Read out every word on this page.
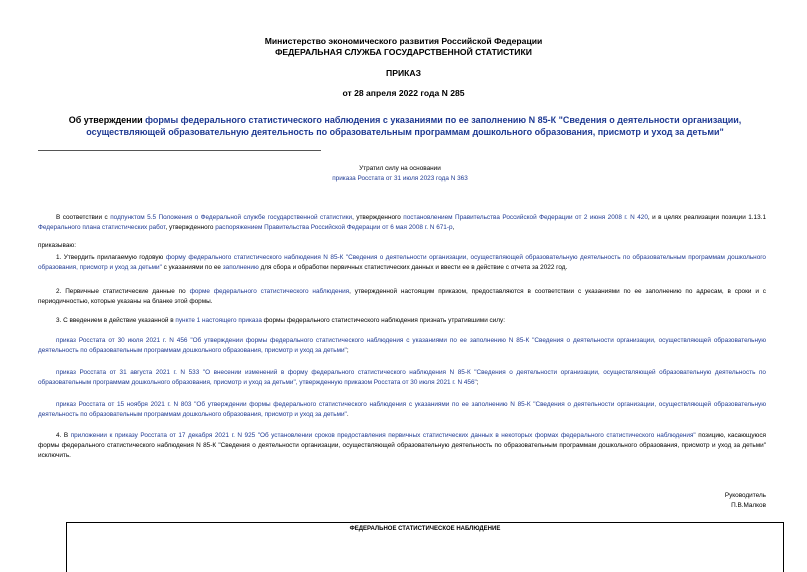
Министерство экономического развития Российской Федерации
ФЕДЕРАЛЬНАЯ СЛУЖБА ГОСУДАРСТВЕННОЙ СТАТИСТИКИ
ПРИКАЗ
от 28 апреля 2022 года N 285
Об утверждении формы федерального статистического наблюдения с указаниями по ее заполнению N 85-К "Сведения о деятельности организации, осуществляющей образовательную деятельность по образовательным программам дошкольного образования, присмотр и уход за детьми"
Утратил силу на основании
приказа Росстата от 31 июля 2023 года N 363
В соответствии с подпунктом 5.5 Положения о Федеральной службе государственной статистики, утвержденного постановлением Правительства Российской Федерации от 2 июня 2008 г. N 420, и в целях реализации позиции 1.13.1 Федерального плана статистических работ, утвержденного распоряжением Правительства Российской Федерации от 6 мая 2008 г. N 671-р,
приказываю:
1. Утвердить прилагаемую годовую форму федерального статистического наблюдения N 85-К "Сведения о деятельности организации, осуществляющей образовательную деятельность по образовательным программам дошкольного образования, присмотр и уход за детьми" с указаниями по ее заполнению для сбора и обработки первичных статистических данных и ввести ее в действие с отчета за 2022 год.
2. Первичные статистические данные по форме федерального статистического наблюдения, утвержденной настоящим приказом, предоставляются в соответствии с указаниями по ее заполнению по адресам, в сроки и с периодичностью, которые указаны на бланке этой формы.
3. С введением в действие указанной в пункте 1 настоящего приказа формы федерального статистического наблюдения признать утратившими силу:
приказ Росстата от 30 июля 2021 г. N 456 "Об утверждении формы федерального статистического наблюдения с указаниями по ее заполнению N 85-К "Сведения о деятельности организации, осуществляющей образовательную деятельность по образовательным программам дошкольного образования, присмотр и уход за детьми";
приказ Росстата от 31 августа 2021 г. N 533 "О внесении изменений в форму федерального статистического наблюдения N 85-К "Сведения о деятельности организации, осуществляющей образовательную деятельность по образовательным программам дошкольного образования, присмотр и уход за детьми", утвержденную приказом Росстата от 30 июля 2021 г. N 456";
приказ Росстата от 15 ноября 2021 г. N 803 "Об утверждении формы федерального статистического наблюдения с указаниями по ее заполнению N 85-К "Сведения о деятельности организации, осуществляющей образовательную деятельность по образовательным программам дошкольного образования, присмотр и уход за детьми".
4. В приложении к приказу Росстата от 17 декабря 2021 г. N 925 "Об установлении сроков предоставления первичных статистических данных в некоторых формах федерального статистического наблюдения" позицию, касающуюся формы федерального статистического наблюдения N 85-К "Сведения о деятельности организации, осуществляющей образовательную деятельность по образовательным программам дошкольного образования, присмотр и уход за детьми" исключить.
Руководитель
П.В.Малков
ФЕДЕРАЛЬНОЕ СТАТИСТИЧЕСКОЕ НАБЛЮДЕНИЕ
